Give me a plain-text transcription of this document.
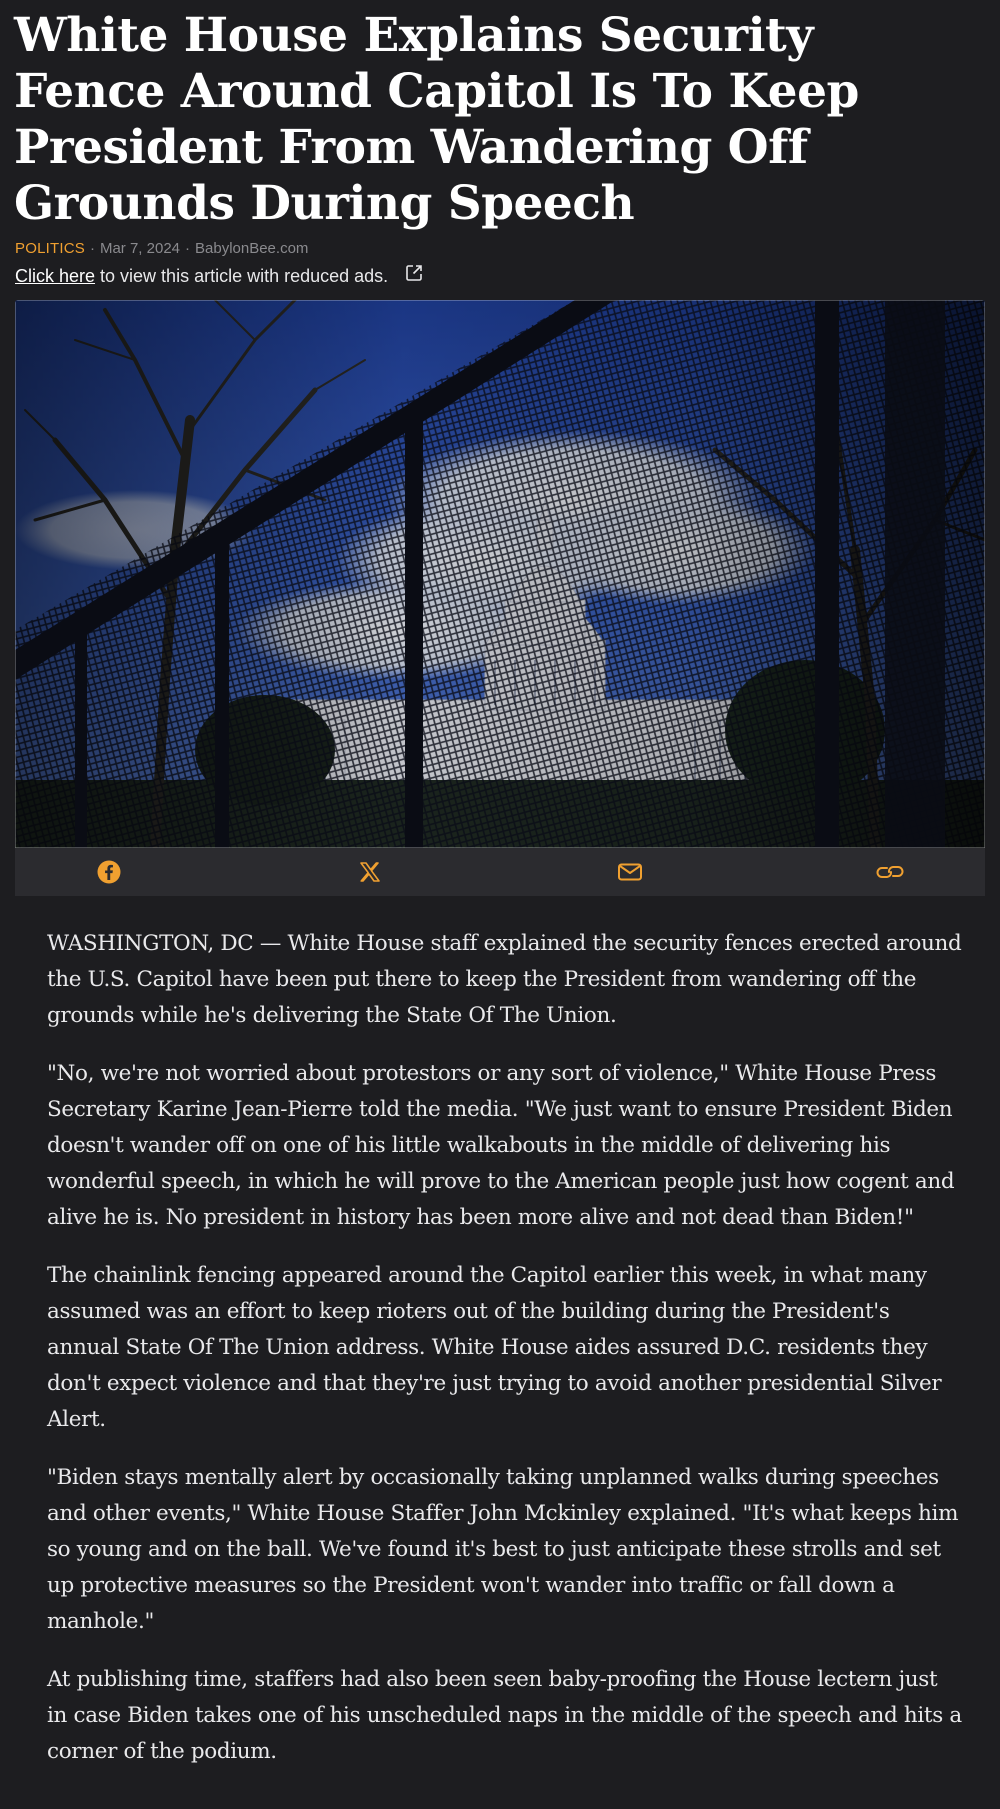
White House Explains Security Fence Around Capitol Is To Keep President From Wandering Off Grounds During Speech
POLITICS · Mar 7, 2024 · BabylonBee.com
Click here to view this article with reduced ads.

WASHINGTON, DC — White House staff explained the security fences erected around the U.S. Capitol have been put there to keep the President from wandering off the grounds while he's delivering the State Of The Union.

"No, we're not worried about protestors or any sort of violence," White House Press Secretary Karine Jean-Pierre told the media. "We just want to ensure President Biden doesn't wander off on one of his little walkabouts in the middle of delivering his wonderful speech, in which he will prove to the American people just how cogent and alive he is. No president in history has been more alive and not dead than Biden!"

The chainlink fencing appeared around the Capitol earlier this week, in what many assumed was an effort to keep rioters out of the building during the President's annual State Of The Union address. White House aides assured D.C. residents they don't expect violence and that they're just trying to avoid another presidential Silver Alert.

"Biden stays mentally alert by occasionally taking unplanned walks during speeches and other events," White House Staffer John Mckinley explained. "It's what keeps him so young and on the ball. We've found it's best to just anticipate these strolls and set up protective measures so the President won't wander into traffic or fall down a manhole."

At publishing time, staffers had also been seen baby-proofing the House lectern just in case Biden takes one of his unscheduled naps in the middle of the speech and hits a corner of the podium.
